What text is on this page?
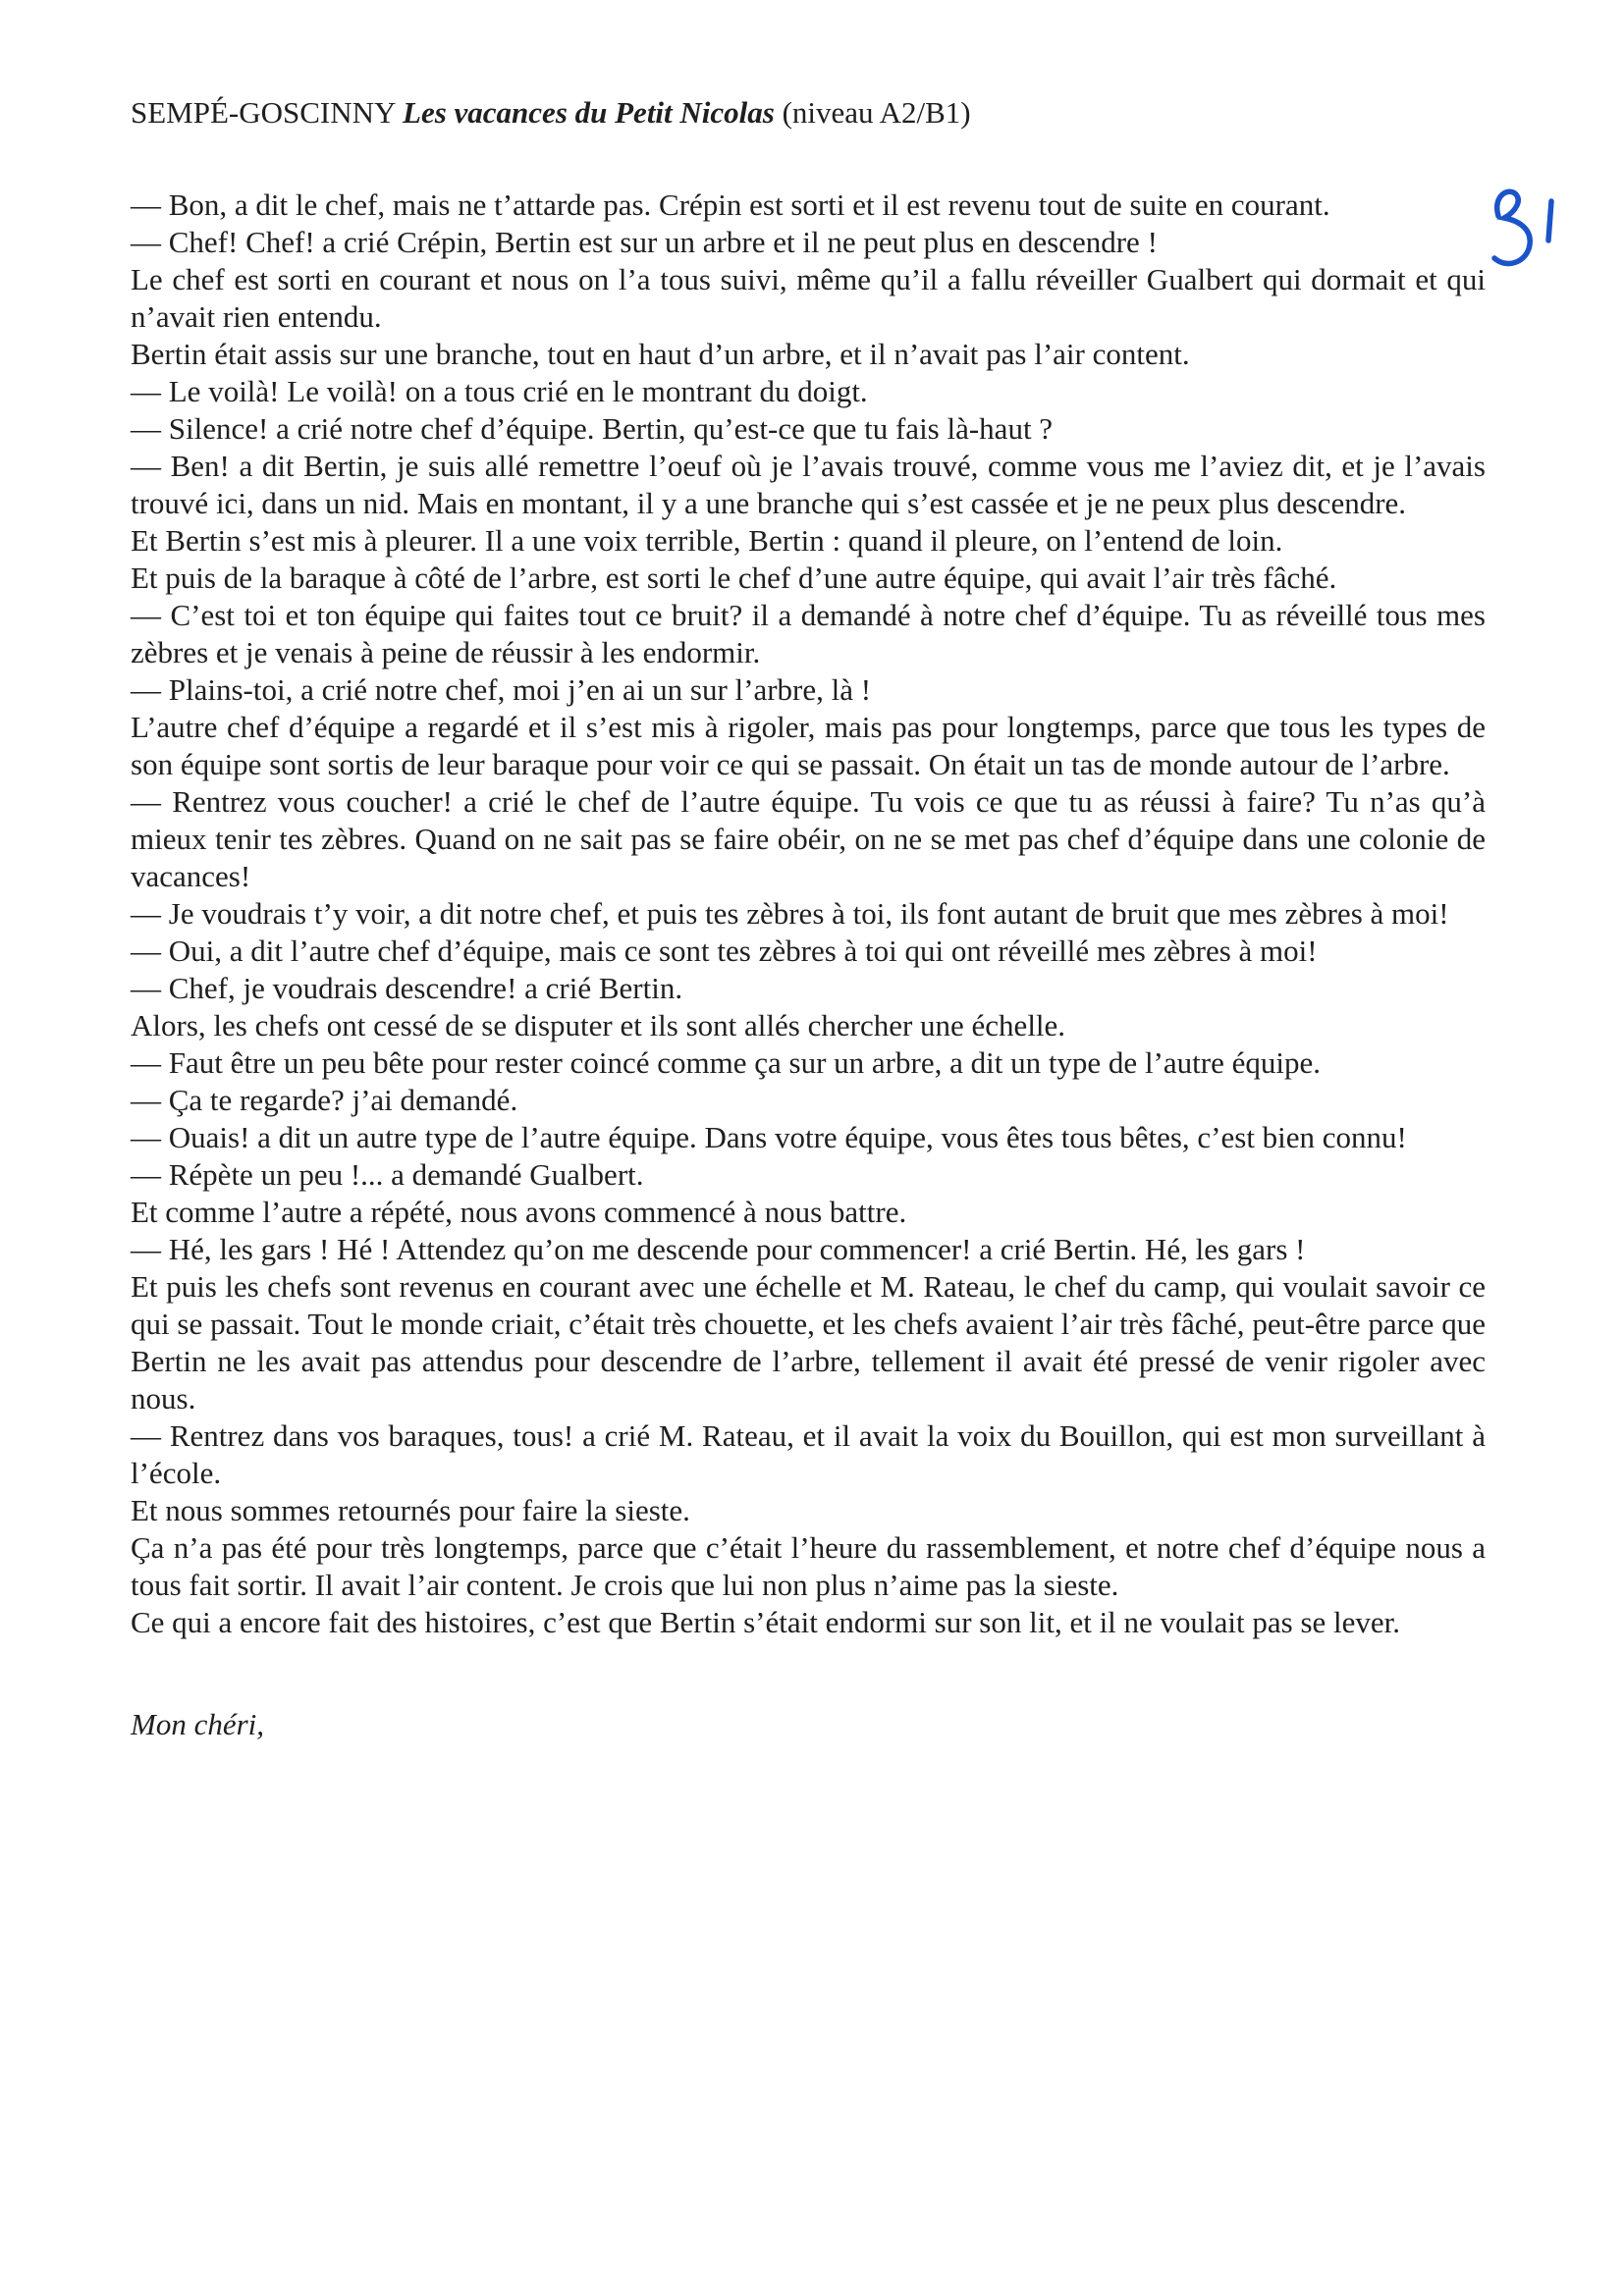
SEMPÉ-GOSCINNY Les vacances du Petit Nicolas (niveau A2/B1)

— Bon, a dit le chef, mais ne t’attarde pas. Crépin est sorti et il est revenu tout de suite en courant.

— Chef! Chef! a crié Crépin, Bertin est sur un arbre et il ne peut plus en descendre !

Le chef est sorti en courant et nous on l’a tous suivi, même qu’il a fallu réveiller Gualbert qui dormait et qui n’avait rien entendu.

Bertin était assis sur une branche, tout en haut d’un arbre, et il n’avait pas l’air content.

— Le voilà! Le voilà! on a tous crié en le montrant du doigt.

— Silence! a crié notre chef d’équipe. Bertin, qu’est-ce que tu fais là-haut ?

— Ben! a dit Bertin, je suis allé remettre l’oeuf où je l’avais trouvé, comme vous me l’aviez dit, et je l’avais trouvé ici, dans un nid. Mais en montant, il y a une branche qui s’est cassée et je ne peux plus descendre.

Et Bertin s’est mis à pleurer. Il a une voix terrible, Bertin : quand il pleure, on l’entend de loin.

Et puis de la baraque à côté de l’arbre, est sorti le chef d’une autre équipe, qui avait l’air très fâché.

— C’est toi et ton équipe qui faites tout ce bruit? il a demandé à notre chef d’équipe. Tu as réveillé tous mes zèbres et je venais à peine de réussir à les endormir.

— Plains-toi, a crié notre chef, moi j’en ai un sur l’arbre, là !

L’autre chef d’équipe a regardé et il s’est mis à rigoler, mais pas pour longtemps, parce que tous les types de son équipe sont sortis de leur baraque pour voir ce qui se passait. On était un tas de monde autour de l’arbre.

— Rentrez vous coucher! a crié le chef de l’autre équipe. Tu vois ce que tu as réussi à faire? Tu n’as qu’à mieux tenir tes zèbres. Quand on ne sait pas se faire obéir, on ne se met pas chef d’équipe dans une colonie de vacances!

— Je voudrais t’y voir, a dit notre chef, et puis tes zèbres à toi, ils font autant de bruit que mes zèbres à moi!

— Oui, a dit l’autre chef d’équipe, mais ce sont tes zèbres à toi qui ont réveillé mes zèbres à moi!

— Chef, je voudrais descendre! a crié Bertin.

Alors, les chefs ont cessé de se disputer et ils sont allés chercher une échelle.

— Faut être un peu bête pour rester coincé comme ça sur un arbre, a dit un type de l’autre équipe.

— Ça te regarde? j’ai demandé.

— Ouais! a dit un autre type de l’autre équipe. Dans votre équipe, vous êtes tous bêtes, c’est bien connu!

— Répète un peu !... a demandé Gualbert.

Et comme l’autre a répété, nous avons commencé à nous battre.

— Hé, les gars ! Hé ! Attendez qu’on me descende pour commencer! a crié Bertin. Hé, les gars !

Et puis les chefs sont revenus en courant avec une échelle et M. Rateau, le chef du camp, qui voulait savoir ce qui se passait. Tout le monde criait, c’était très chouette, et les chefs avaient l’air très fâché, peut-être parce que Bertin ne les avait pas attendus pour descendre de l’arbre, tellement il avait été pressé de venir rigoler avec nous.

— Rentrez dans vos baraques, tous! a crié M. Rateau, et il avait la voix du Bouillon, qui est mon surveillant à l’école.

Et nous sommes retournés pour faire la sieste.

Ça n’a pas été pour très longtemps, parce que c’était l’heure du rassemblement, et notre chef d’équipe nous a tous fait sortir. Il avait l’air content. Je crois que lui non plus n’aime pas la sieste.

Ce qui a encore fait des histoires, c’est que Bertin s’était endormi sur son lit, et il ne voulait pas se lever.

Mon chéri,
